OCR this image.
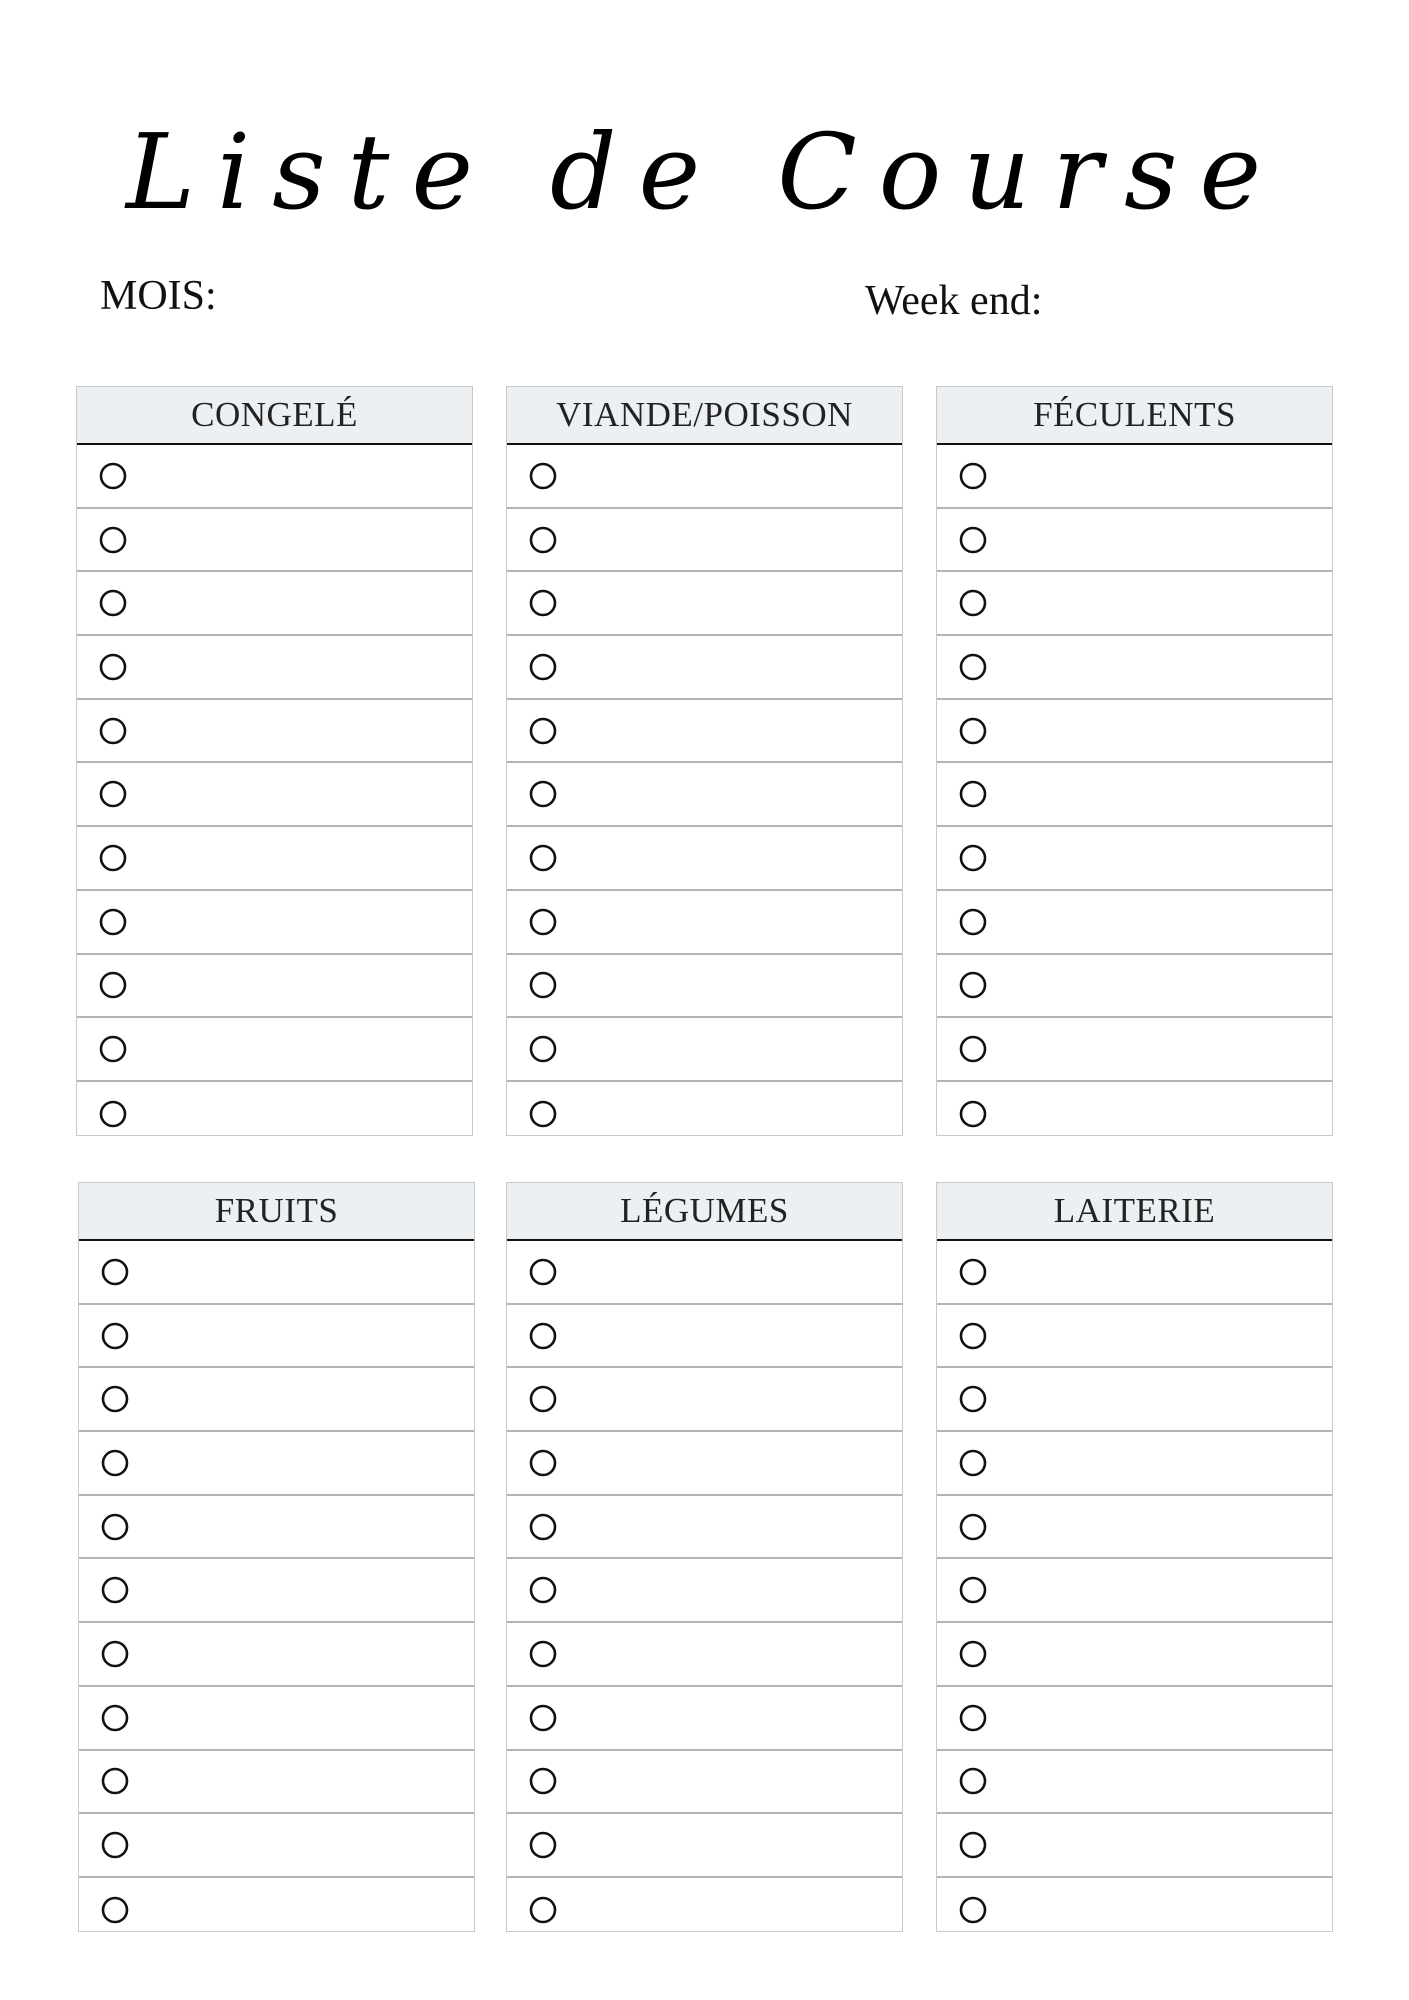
Liste de Course
MOIS:	Week end:
CONGELÉ	VIANDE/POISSON	FÉCULENTS
FRUITS	LÉGUMES	LAITERIE
